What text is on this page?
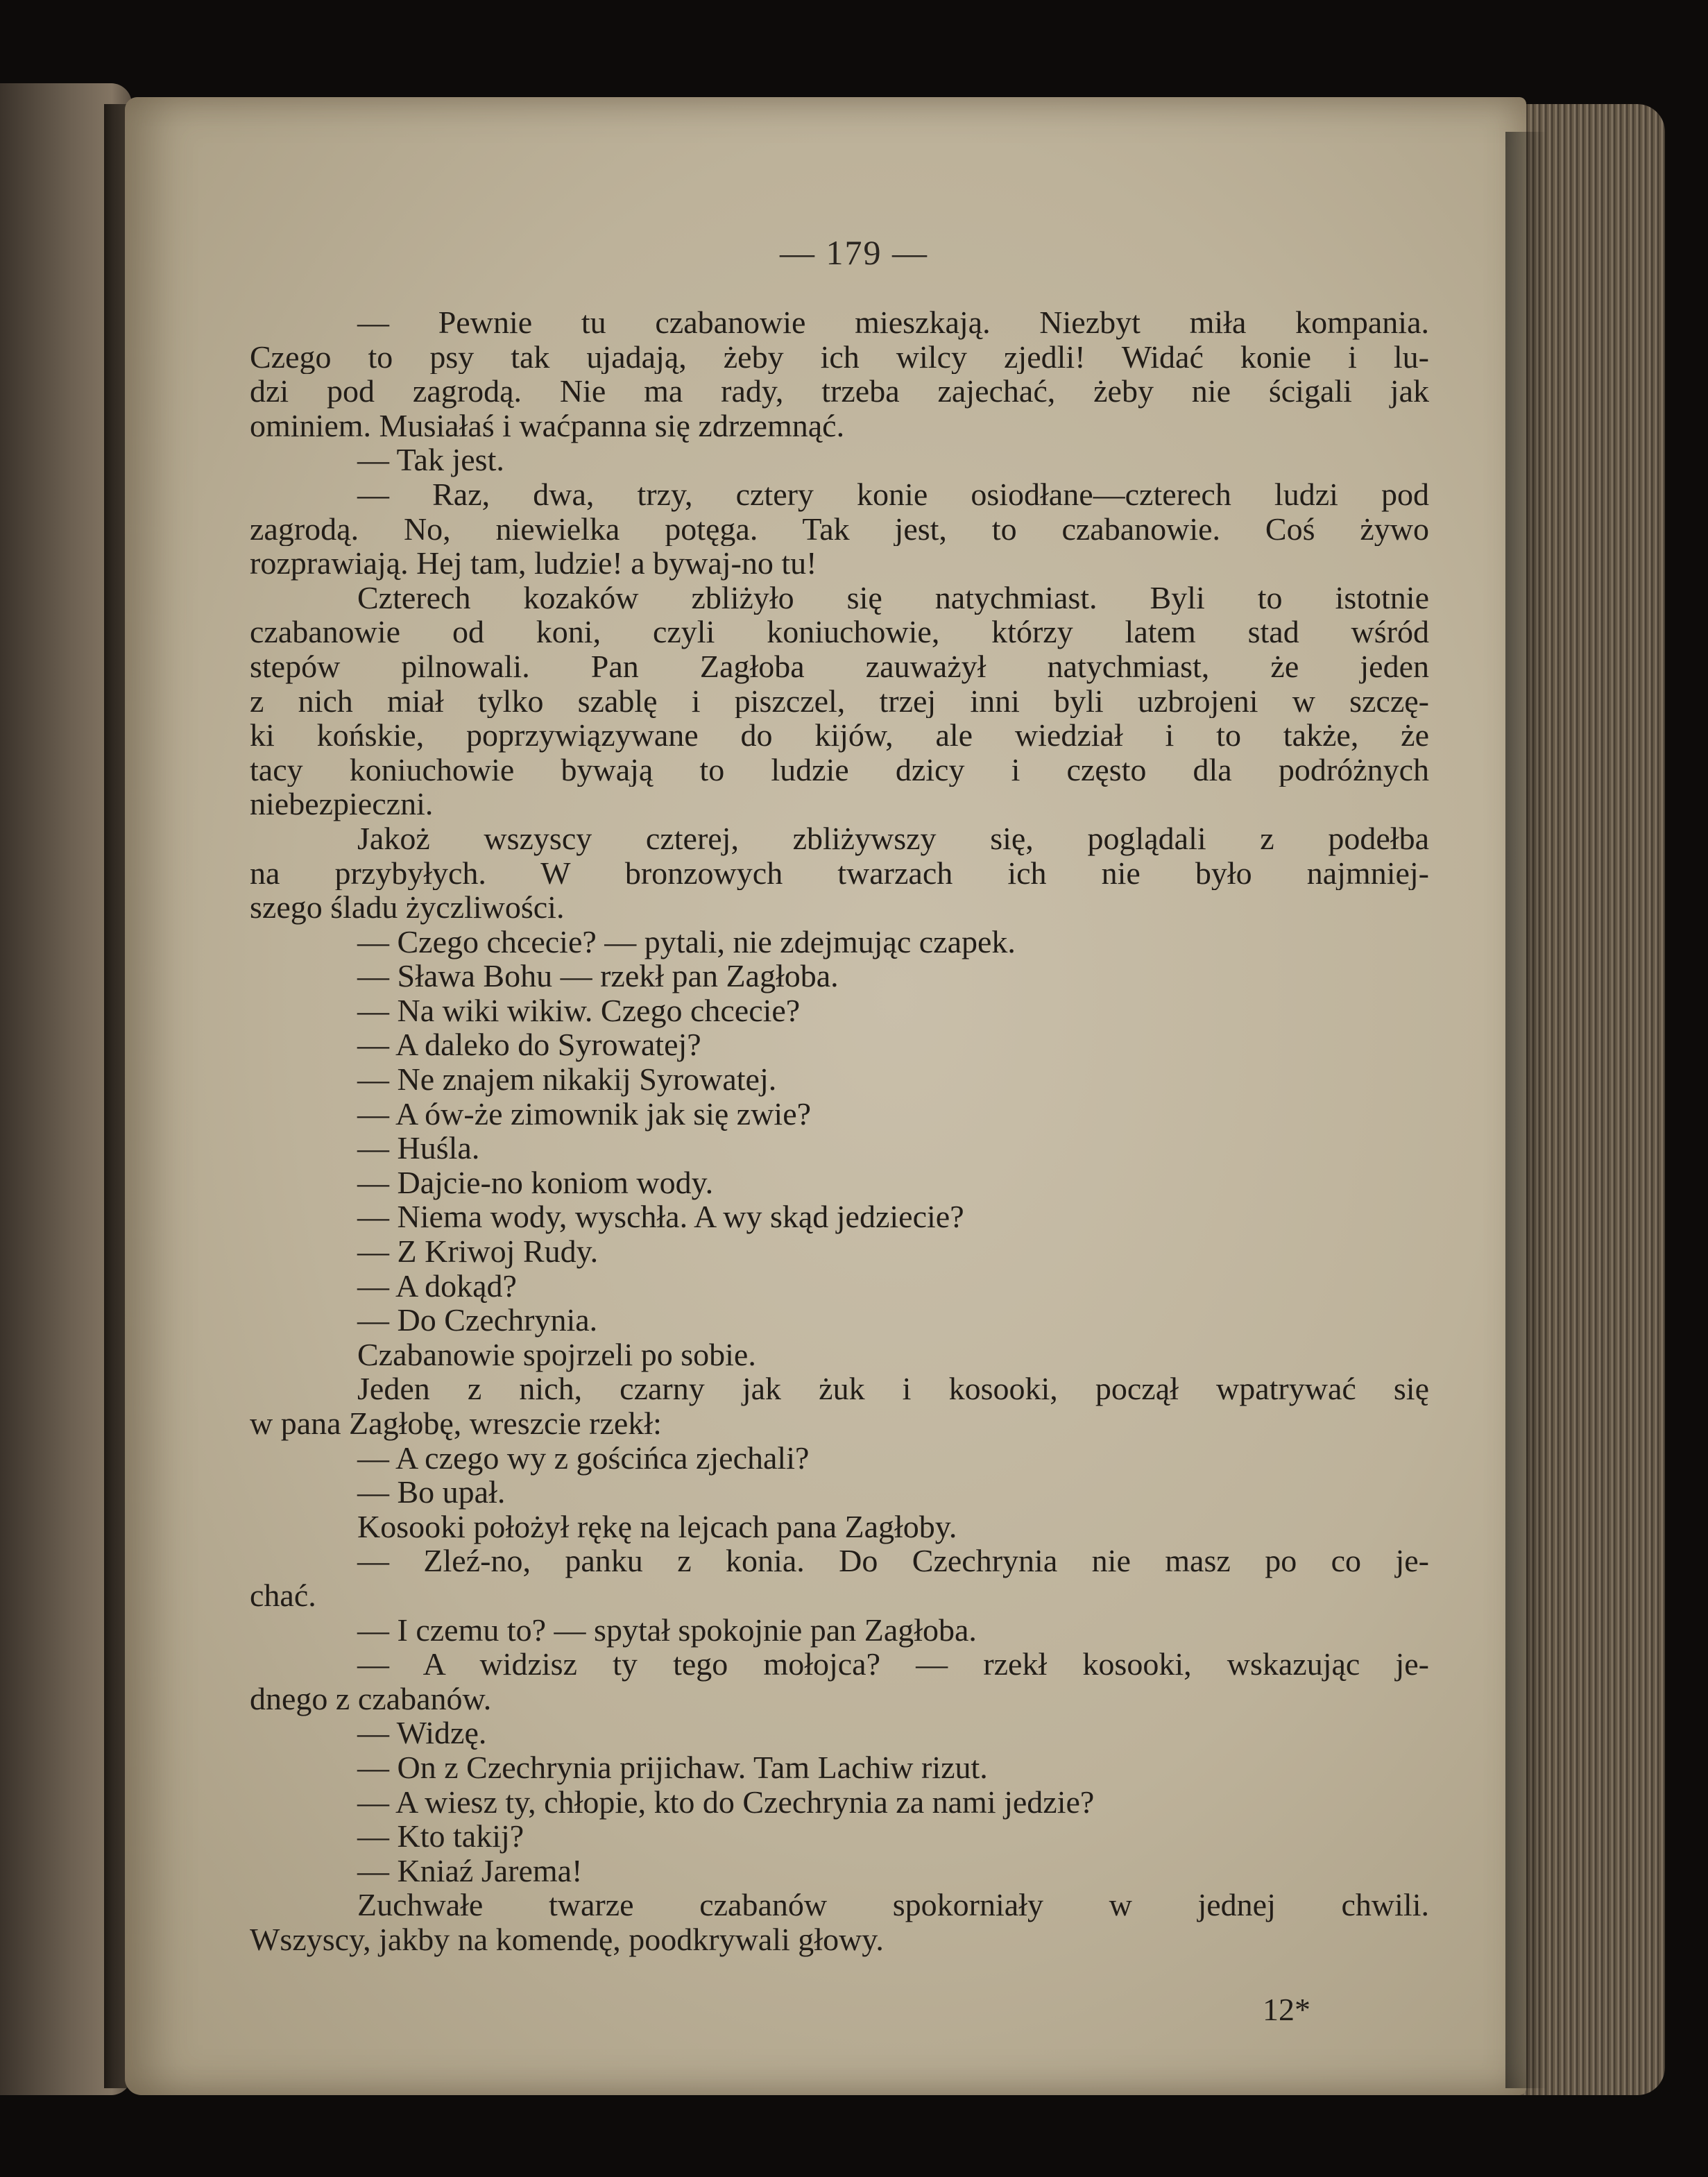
— 179 —
— Pewnie tu czabanowie mieszkają. Niezbyt miła kompania.
Czego to psy tak ujadają, żeby ich wilcy zjedli! Widać konie i lu-
dzi pod zagrodą. Nie ma rady, trzeba zajechać, żeby nie ścigali jak
ominiem. Musiałaś i waćpanna się zdrzemnąć.
— Tak jest.
— Raz, dwa, trzy, cztery konie osiodłane—czterech ludzi pod
zagrodą. No, niewielka potęga. Tak jest, to czabanowie. Coś żywo
rozprawiają. Hej tam, ludzie! a bywaj-no tu!
Czterech kozaków zbliżyło się natychmiast. Byli to istotnie
czabanowie od koni, czyli koniuchowie, którzy latem stad wśród
stepów pilnowali. Pan Zagłoba zauważył natychmiast, że jeden
z nich miał tylko szablę i piszczel, trzej inni byli uzbrojeni w szczę-
ki końskie, poprzywiązywane do kijów, ale wiedział i to także, że
tacy koniuchowie bywają to ludzie dzicy i często dla podróżnych
niebezpieczni.
Jakoż wszyscy czterej, zbliżywszy się, poglądali z podełba
na przybyłych. W bronzowych twarzach ich nie było najmniej-
szego śladu życzliwości.
— Czego chcecie? — pytali, nie zdejmując czapek.
— Sława Bohu — rzekł pan Zagłoba.
— Na wiki wikiw. Czego chcecie?
— A daleko do Syrowatej?
— Ne znajem nikakij Syrowatej.
— A ów-że zimownik jak się zwie?
— Huśla.
— Dajcie-no koniom wody.
— Niema wody, wyschła. A wy skąd jedziecie?
— Z Kriwoj Rudy.
— A dokąd?
— Do Czechrynia.
Czabanowie spojrzeli po sobie.
Jeden z nich, czarny jak żuk i kosooki, począł wpatrywać się
w pana Zagłobę, wreszcie rzekł:
— A czego wy z gościńca zjechali?
— Bo upał.
Kosooki położył rękę na lejcach pana Zagłoby.
— Zleź-no, panku z konia. Do Czechrynia nie masz po co je-
chać.
— I czemu to? — spytał spokojnie pan Zagłoba.
— A widzisz ty tego mołojca? — rzekł kosooki, wskazując je-
dnego z czabanów.
— Widzę.
— On z Czechrynia prijichaw. Tam Lachiw rizut.
— A wiesz ty, chłopie, kto do Czechrynia za nami jedzie?
— Kto takij?
— Kniaź Jarema!
Zuchwałe twarze czabanów spokorniały w jednej chwili.
Wszyscy, jakby na komendę, poodkrywali głowy.
12*
